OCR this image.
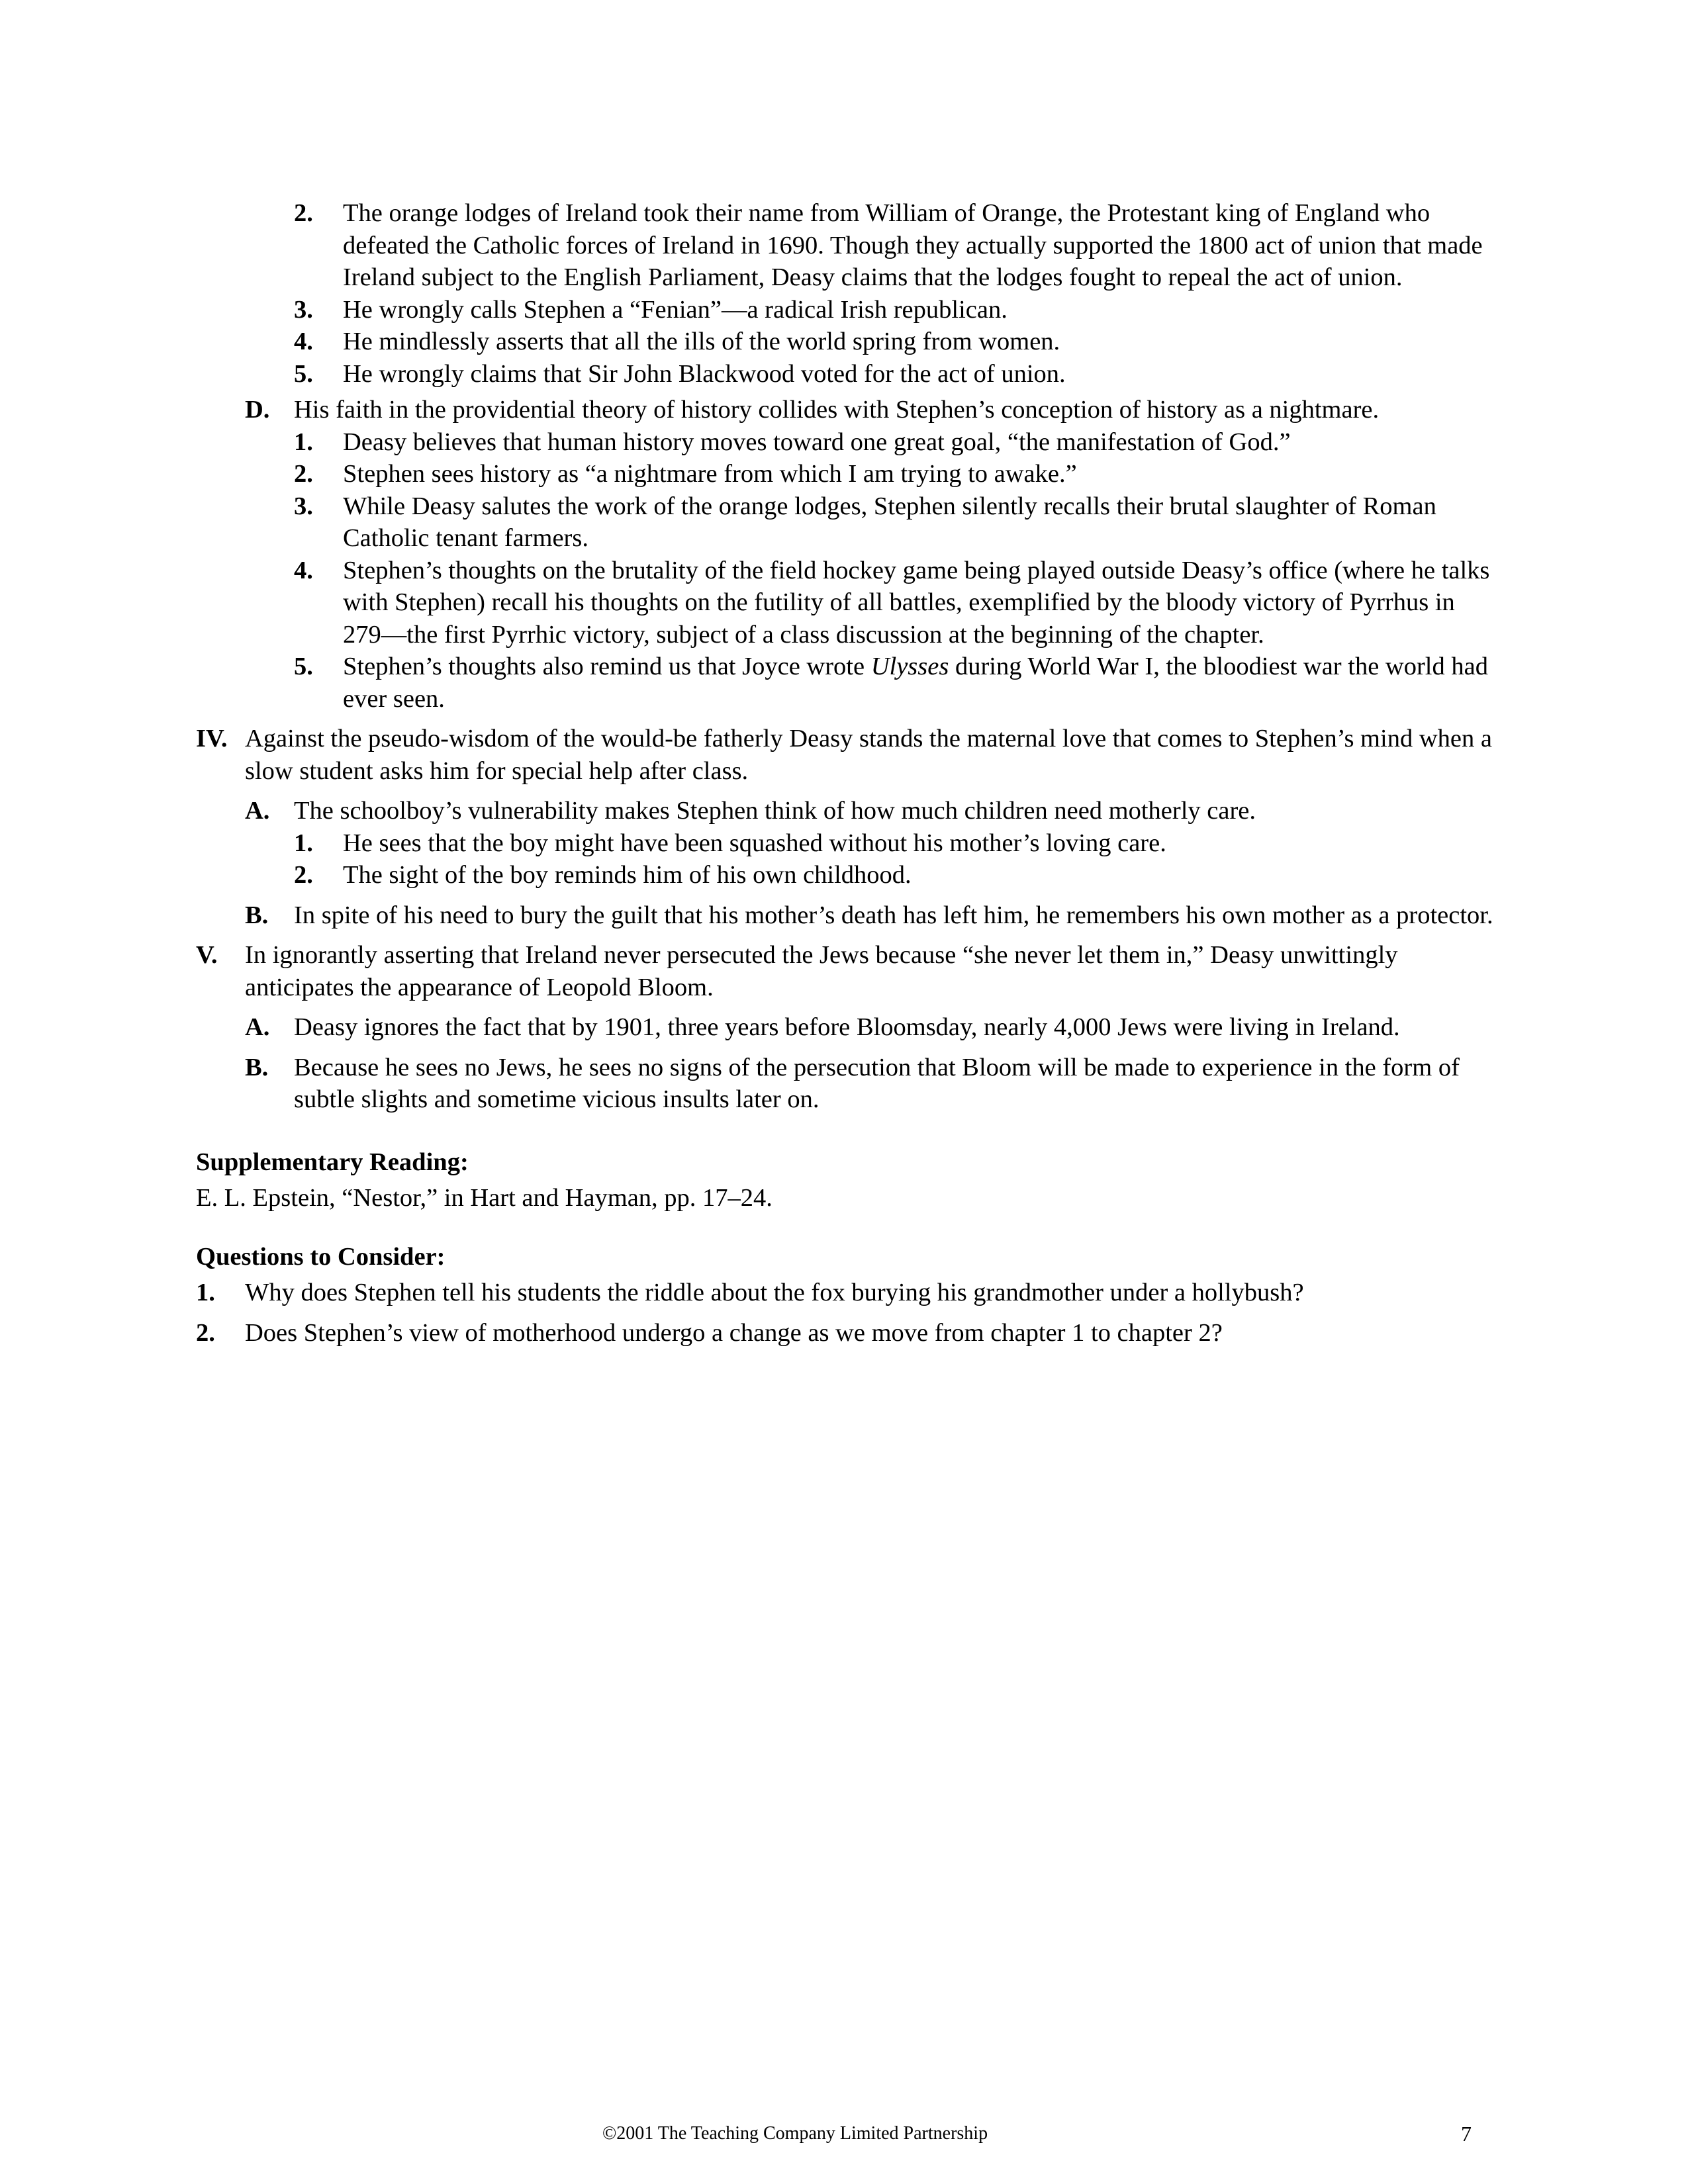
2.	The orange lodges of Ireland took their name from William of Orange, the Protestant king of England who defeated the Catholic forces of Ireland in 1690. Though they actually supported the 1800 act of union that made Ireland subject to the English Parliament, Deasy claims that the lodges fought to repeal the act of union.
3.	He wrongly calls Stephen a “Fenian”—a radical Irish republican.
4.	He mindlessly asserts that all the ills of the world spring from women.
5.	He wrongly claims that Sir John Blackwood voted for the act of union.
D. His faith in the providential theory of history collides with Stephen’s conception of history as a nightmare.
1.	Deasy believes that human history moves toward one great goal, “the manifestation of God.”
2.	Stephen sees history as “a nightmare from which I am trying to awake.”
3.	While Deasy salutes the work of the orange lodges, Stephen silently recalls their brutal slaughter of Roman Catholic tenant farmers.
4.	Stephen’s thoughts on the brutality of the field hockey game being played outside Deasy’s office (where he talks with Stephen) recall his thoughts on the futility of all battles, exemplified by the bloody victory of Pyrrhus in 279—the first Pyrrhic victory, subject of a class discussion at the beginning of the chapter.
5.	Stephen’s thoughts also remind us that Joyce wrote Ulysses during World War I, the bloodiest war the world had ever seen.
IV. Against the pseudo-wisdom of the would-be fatherly Deasy stands the maternal love that comes to Stephen’s mind when a slow student asks him for special help after class.
A. The schoolboy’s vulnerability makes Stephen think of how much children need motherly care.
1.	He sees that the boy might have been squashed without his mother’s loving care.
2.	The sight of the boy reminds him of his own childhood.
B.	In spite of his need to bury the guilt that his mother’s death has left him, he remembers his own mother as a protector.
V.	In ignorantly asserting that Ireland never persecuted the Jews because “she never let them in,” Deasy unwittingly anticipates the appearance of Leopold Bloom.
A. Deasy ignores the fact that by 1901, three years before Bloomsday, nearly 4,000 Jews were living in Ireland.
B.	Because he sees no Jews, he sees no signs of the persecution that Bloom will be made to experience in the form of subtle slights and sometime vicious insults later on.
Supplementary Reading:
E. L. Epstein, “Nestor,” in Hart and Hayman, pp. 17–24.
Questions to Consider:
1.	Why does Stephen tell his students the riddle about the fox burying his grandmother under a hollybush?
2.	Does Stephen’s view of motherhood undergo a change as we move from chapter 1 to chapter 2?
©2001 The Teaching Company Limited Partnership	7
